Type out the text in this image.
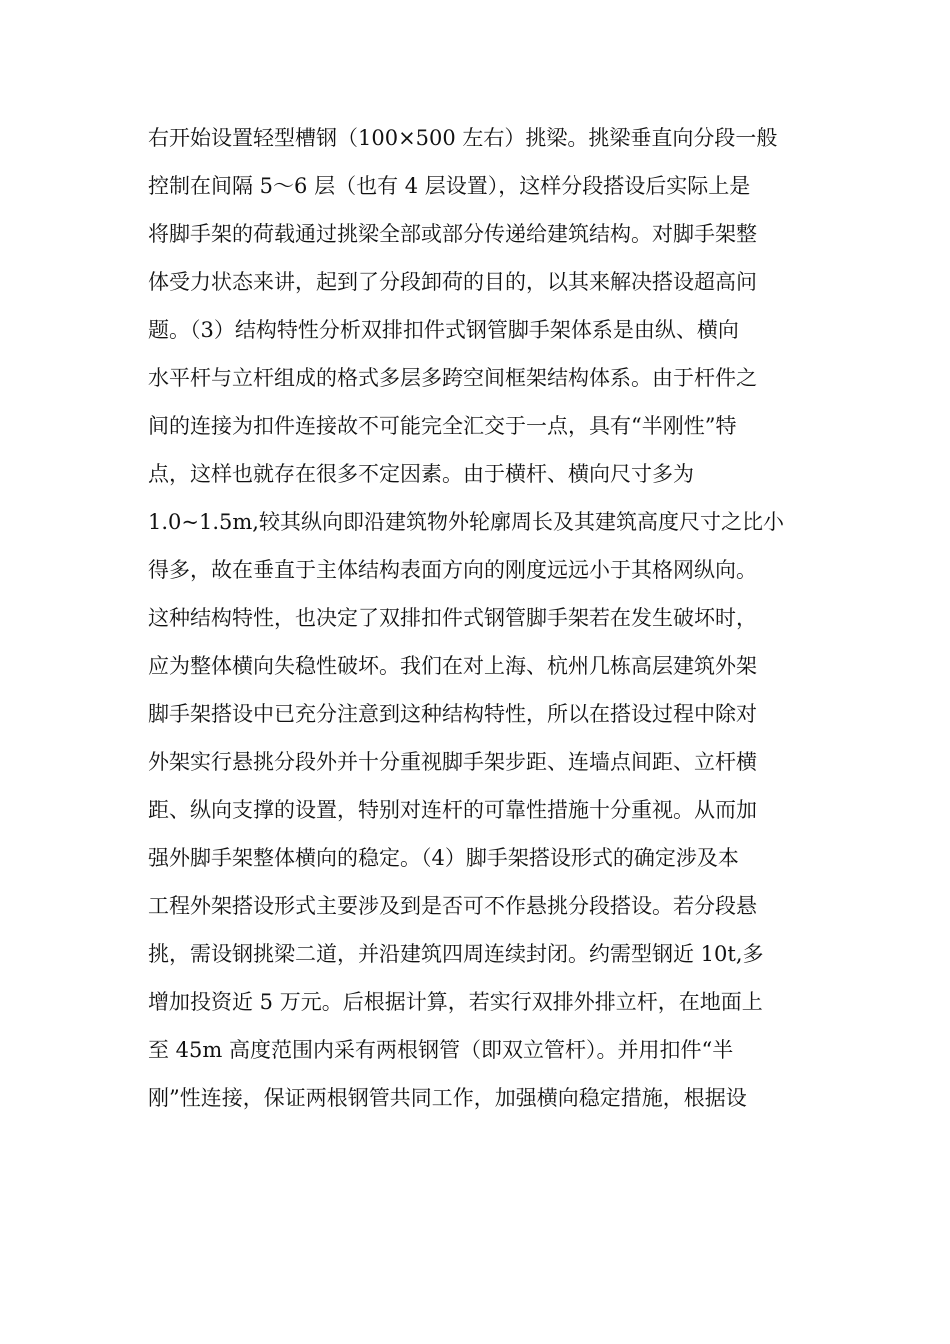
右开始设置轻型槽钢（100×500 左右）挑梁。挑梁垂直向分段一般
控制在间隔 5～6 层（也有 4 层设置），这样分段搭设后实际上是
将脚手架的荷载通过挑梁全部或部分传递给建筑结构。对脚手架整
体受力状态来讲，起到了分段卸荷的目的，以其来解决搭设超高问
题。（3）结构特性分析双排扣件式钢管脚手架体系是由纵、横向
水平杆与立杆组成的格式多层多跨空间框架结构体系。由于杆件之
间的连接为扣件连接故不可能完全汇交于一点，具有“半刚性”特
点，这样也就存在很多不定因素。由于横杆、横向尺寸多为
1.0~1.5m,较其纵向即沿建筑物外轮廓周长及其建筑高度尺寸之比小
得多，故在垂直于主体结构表面方向的刚度远远小于其格网纵向。
这种结构特性，也决定了双排扣件式钢管脚手架若在发生破坏时，
应为整体横向失稳性破坏。我们在对上海、杭州几栋高层建筑外架
脚手架搭设中已充分注意到这种结构特性，所以在搭设过程中除对
外架实行悬挑分段外并十分重视脚手架步距、连墙点间距、立杆横
距、纵向支撑的设置，特别对连杆的可靠性措施十分重视。从而加
强外脚手架整体横向的稳定。（4）脚手架搭设形式的确定涉及本
工程外架搭设形式主要涉及到是否可不作悬挑分段搭设。若分段悬
挑，需设钢挑梁二道，并沿建筑四周连续封闭。约需型钢近 10t,多
增加投资近 5 万元。后根据计算，若实行双排外排立杆，在地面上
至 45m 高度范围内采有两根钢管（即双立管杆）。并用扣件“半
刚”性连接，保证两根钢管共同工作，加强横向稳定措施，根据设
